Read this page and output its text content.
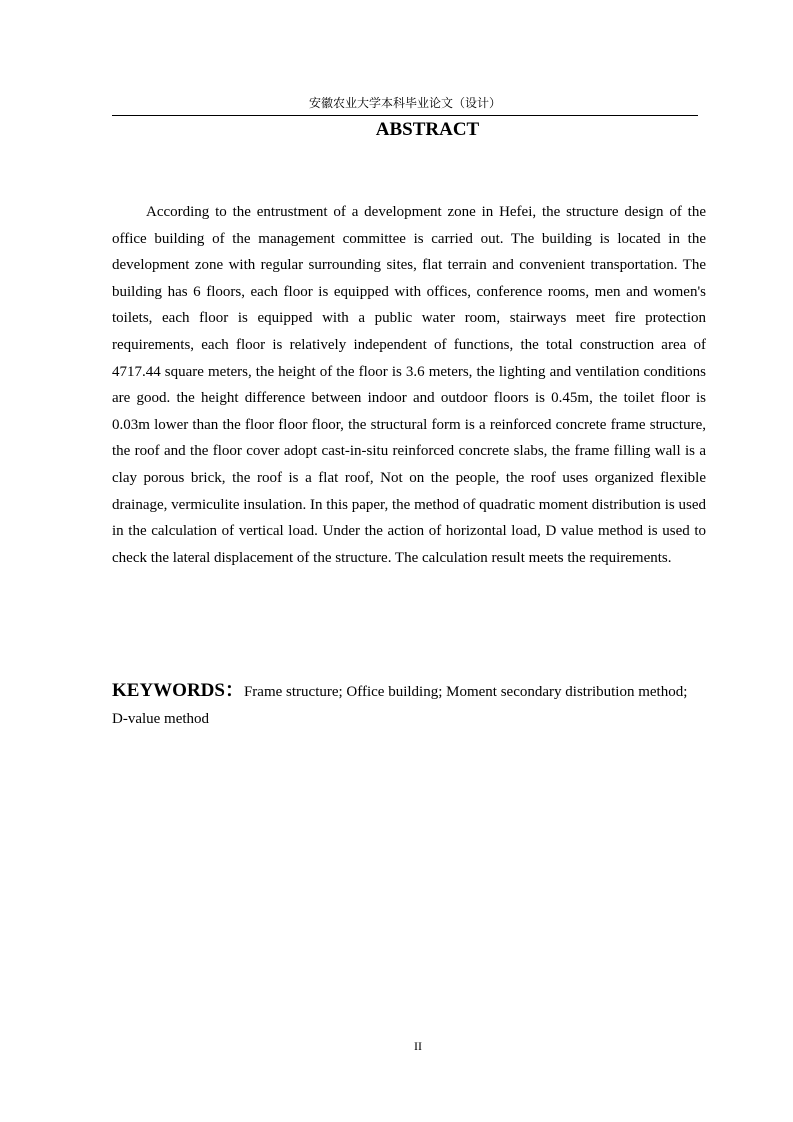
安徽农业大学本科毕业论文（设计）
ABSTRACT

According to the entrustment of a development zone in Hefei, the structure design of the office building of the management committee is carried out. The building is located in the development zone with regular surrounding sites, flat terrain and convenient transportation. The building has 6 floors, each floor is equipped with offices, conference rooms, men and women's toilets, each floor is equipped with a public water room, stairways meet fire protection requirements, each floor is relatively independent of functions, the total construction area of 4717.44 square meters, the height of the floor is 3.6 meters, the lighting and ventilation conditions are good. the height difference between indoor and outdoor floors is 0.45m, the toilet floor is 0.03m lower than the floor floor floor, the structural form is a reinforced concrete frame structure, the roof and the floor cover adopt cast-in-situ reinforced concrete slabs, the frame filling wall is a clay porous brick, the roof is a flat roof, Not on the people, the roof uses organized flexible drainage, vermiculite insulation. In this paper, the method of quadratic moment distribution is used in the calculation of vertical load. Under the action of horizontal load, D value method is used to check the lateral displacement of the structure. The calculation result meets the requirements.

KEYWORDS：Frame structure; Office building; Moment secondary distribution method; D-value method

II
